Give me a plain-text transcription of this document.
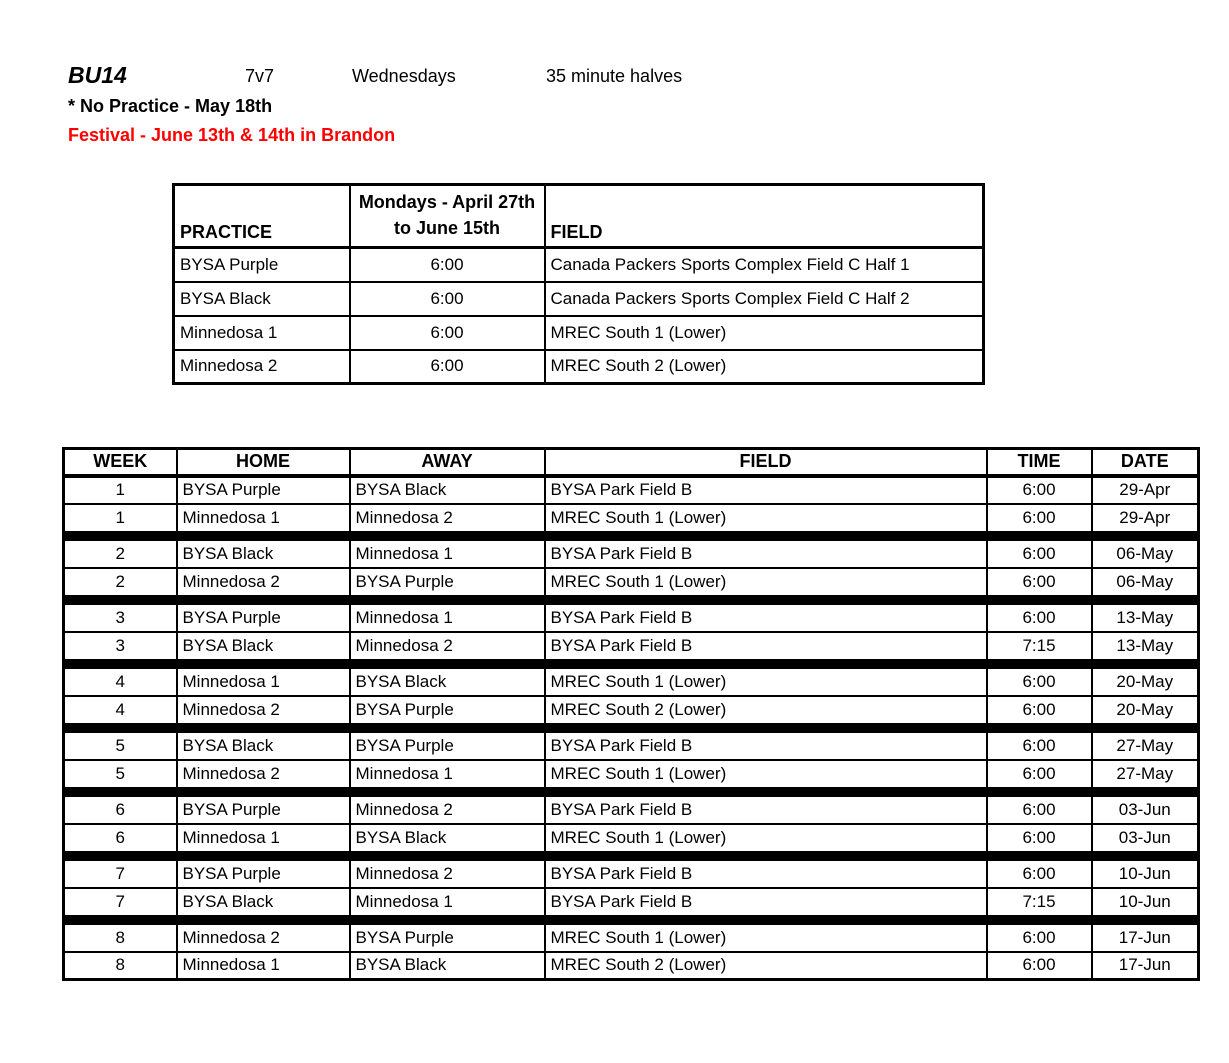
BU14	7v7	Wednesdays	35 minute halves
* No Practice - May 18th
Festival - June 13th & 14th in Brandon
PRACTICE	Mondays - April 27th to June 15th	FIELD
BYSA Purple	6:00	Canada Packers Sports Complex Field C Half 1
BYSA Black	6:00	Canada Packers Sports Complex Field C Half 2
Minnedosa 1	6:00	MREC South 1 (Lower)
Minnedosa 2	6:00	MREC South 2 (Lower)
WEEK	HOME	AWAY	FIELD	TIME	DATE
1	BYSA Purple	BYSA Black	BYSA Park Field B	6:00	29-Apr
1	Minnedosa 1	Minnedosa 2	MREC South 1 (Lower)	6:00	29-Apr

2	BYSA Black	Minnedosa 1	BYSA Park Field B	6:00	06-May
2	Minnedosa 2	BYSA Purple	MREC South 1 (Lower)	6:00	06-May

3	BYSA Purple	Minnedosa 1	BYSA Park Field B	6:00	13-May
3	BYSA Black	Minnedosa 2	BYSA Park Field B	7:15	13-May

4	Minnedosa 1	BYSA Black	MREC South 1 (Lower)	6:00	20-May
4	Minnedosa 2	BYSA Purple	MREC South 2 (Lower)	6:00	20-May

5	BYSA Black	BYSA Purple	BYSA Park Field B	6:00	27-May
5	Minnedosa 2	Minnedosa 1	MREC South 1 (Lower)	6:00	27-May

6	BYSA Purple	Minnedosa 2	BYSA Park Field B	6:00	03-Jun
6	Minnedosa 1	BYSA Black	MREC South 1 (Lower)	6:00	03-Jun

7	BYSA Purple	Minnedosa 2	BYSA Park Field B	6:00	10-Jun
7	BYSA Black	Minnedosa 1	BYSA Park Field B	7:15	10-Jun

8	Minnedosa 2	BYSA Purple	MREC South 1 (Lower)	6:00	17-Jun
8	Minnedosa 1	BYSA Black	MREC South 2 (Lower)	6:00	17-Jun
